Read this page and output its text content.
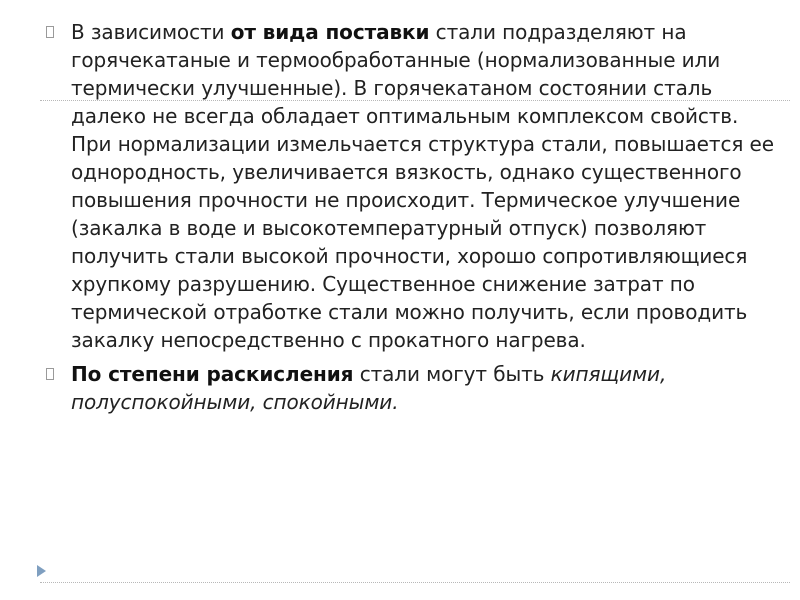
В зависимости от вида поставки стали подразделяют на горячекатаные и термообработанные (нормализованные или термически улучшенные). В горячекатаном состоянии сталь далеко не всегда обладает оптимальным комплексом свойств. При нормализации измельчается структура стали, повышается ее однородность, увеличивается вязкость, однако существенного повышения прочности не происходит. Термическое улучшение (закалка в воде и высокотемпературный отпуск) позволяют получить стали высокой прочности, хорошо сопротивляющиеся хрупкому разрушению. Существенное снижение затрат по термической отработке стали можно получить, если проводить закалку непосредственно с прокатного нагрева.
По степени раскисления стали могут быть кипящими, полуспокойными, спокойными.
